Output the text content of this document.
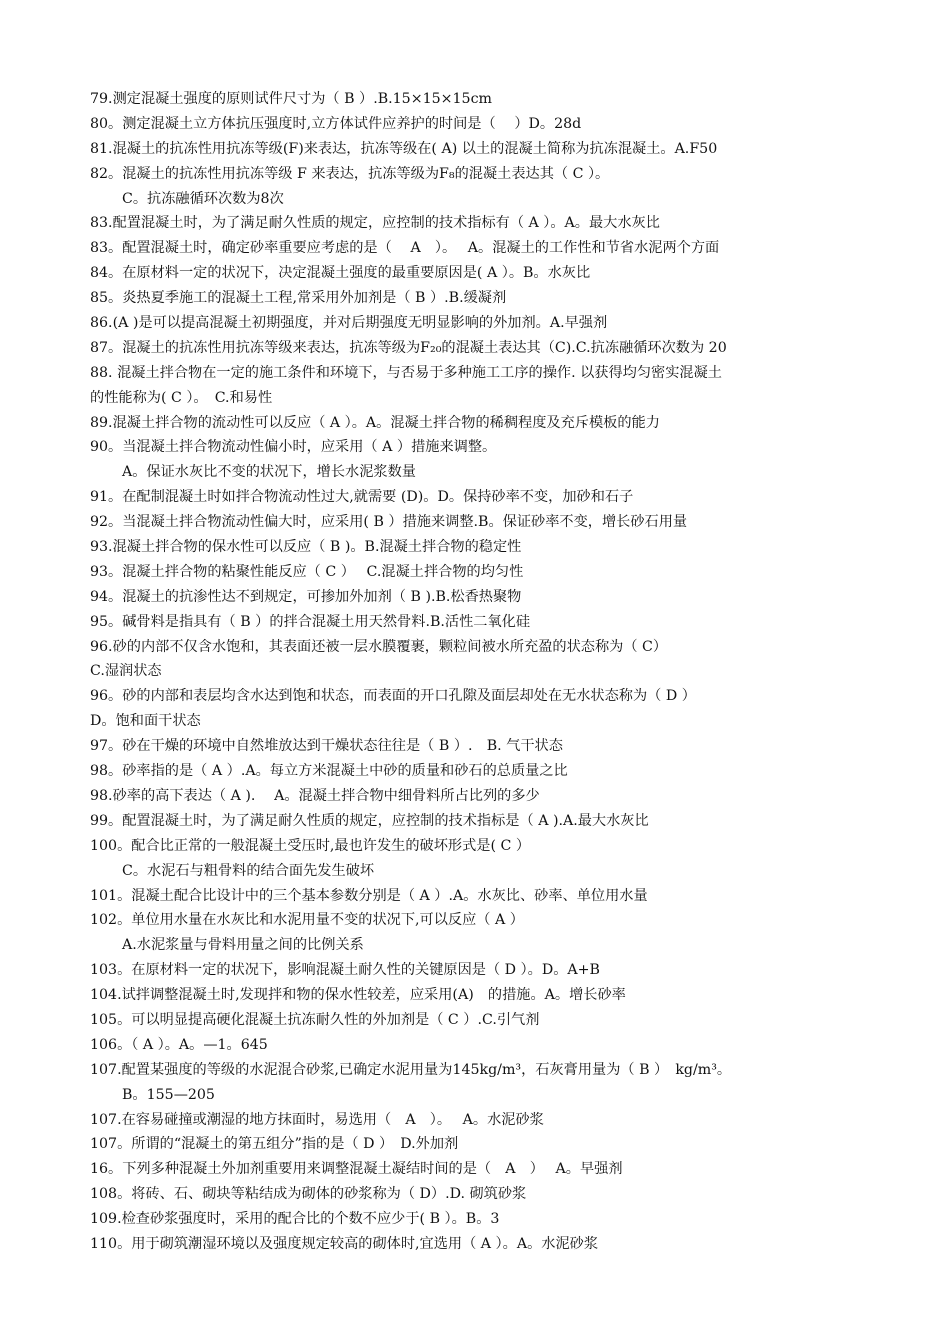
79.测定混凝土强度的原则试件尺寸为（ B ）.B.15×15×15cm
80。测定混凝土立方体抗压强度时,立方体试件应养护的时间是（　 ）D。28d
81.混凝土的抗冻性用抗冻等级(F)来表达，抗冻等级在( A) 以土的混凝土简称为抗冻混凝土。A.F50
82。混凝土的抗冻性用抗冻等级 F 来表达，抗冻等级为F₈的混凝土表达其（ C ）。
C。抗冻融循环次数为8次
83.配置混凝土时，为了满足耐久性质的规定，应控制的技术指标有（ A ）。A。最大水灰比
83。配置混凝土时，确定砂率重要应考虑的是（　 A　）。　 A。混凝土的工作性和节省水泥两个方面
84。在原材料一定的状况下，决定混凝土强度的最重要原因是( A ）。B。水灰比
85。炎热夏季施工的混凝土工程,常采用外加剂是（ B ）.B.缓凝剂
86.(A )是可以提高混凝土初期强度，并对后期强度无明显影响的外加剂。A.早强剂
87。混凝土的抗冻性用抗冻等级来表达，抗冻等级为F₂₀的混凝土表达其（C).C.抗冻融循环次数为 20
88. 混凝土拌合物在一定的施工条件和环境下，与否易于多种施工工序的操作. 以获得均匀密实混凝土
的性能称为( C ）。　C.和易性
89.混凝土拌合物的流动性可以反应（ A ）。A。混凝土拌合物的稀稠程度及充斥模板的能力
90。当混凝土拌合物流动性偏小时，应采用（ A ）措施来调整。
A。保证水灰比不变的状况下，增长水泥浆数量
91。在配制混凝土时如拌合物流动性过大,就需要 (D)。D。保持砂率不变，加砂和石子
92。当混凝土拌合物流动性偏大时，应采用( B ）措施来调整.B。保证砂率不变，增长砂石用量
93.混凝土拌合物的保水性可以反应（ B )。B.混凝土拌合物的稳定性
93。混凝土拌合物的粘聚性能反应（ C ）　 C.混凝土拌合物的均匀性
94。混凝土的抗渗性达不到规定，可掺加外加剂（ B ).B.松香热聚物
95。碱骨料是指具有（ B ）的拌合混凝土用天然骨料.B.活性二氧化硅
96.砂的内部不仅含水饱和，其表面还被一层水膜覆裹，颗粒间被水所充盈的状态称为（ C）
C.湿润状态
96。砂的内部和表层均含水达到饱和状态，而表面的开口孔隙及面层却处在无水状态称为（ D ）
D。饱和面干状态
97。砂在干燥的环境中自然堆放达到干燥状态往往是（ B ）.　B. 气干状态
98。砂率指的是（ A ）.A。每立方米混凝土中砂的质量和砂石的总质量之比
98.砂率的高下表达（ A ).　 A。混凝土拌合物中细骨料所占比列的多少
99。配置混凝土时，为了满足耐久性质的规定，应控制的技术指标是（ A ).A.最大水灰比
100。配合比正常的一般混凝土受压时,最也许发生的破坏形式是( C ）
C。水泥石与粗骨料的结合面先发生破坏
101。混凝土配合比设计中的三个基本参数分别是（ A ）.A。水灰比、砂率、单位用水量
102。单位用水量在水灰比和水泥用量不变的状况下,可以反应（ A ）
A.水泥浆量与骨料用量之间的比例关系
103。在原材料一定的状况下，影响混凝土耐久性的关键原因是（ D ）。D。A+B
104.试拌调整混凝土时,发现拌和物的保水性较差，应采用(A)　的措施。A。增长砂率
105。可以明显提高硬化混凝土抗冻耐久性的外加剂是（ C ）.C.引气剂
106。（ A ）。A。—1。645
107.配置某强度的等级的水泥混合砂浆,已确定水泥用量为145kg/m³，石灰膏用量为（ B ）　kg/m³。
B。155—205
107.在容易碰撞或潮湿的地方抹面时，易选用（　A　）。　 A。水泥砂浆
107。所谓的“混凝土的第五组分”指的是（ D ）　D.外加剂
16。下列多种混凝土外加剂重要用来调整混凝土凝结时间的是（　A　）　 A。早强剂
108。将砖、石、砌块等粘结成为砌体的砂浆称为（ D）.D. 砌筑砂浆
109.检查砂浆强度时，采用的配合比的个数不应少于( B ）。B。3
110。用于砌筑潮湿环境以及强度规定较高的砌体时,宜选用（ A ）。A。水泥砂浆
